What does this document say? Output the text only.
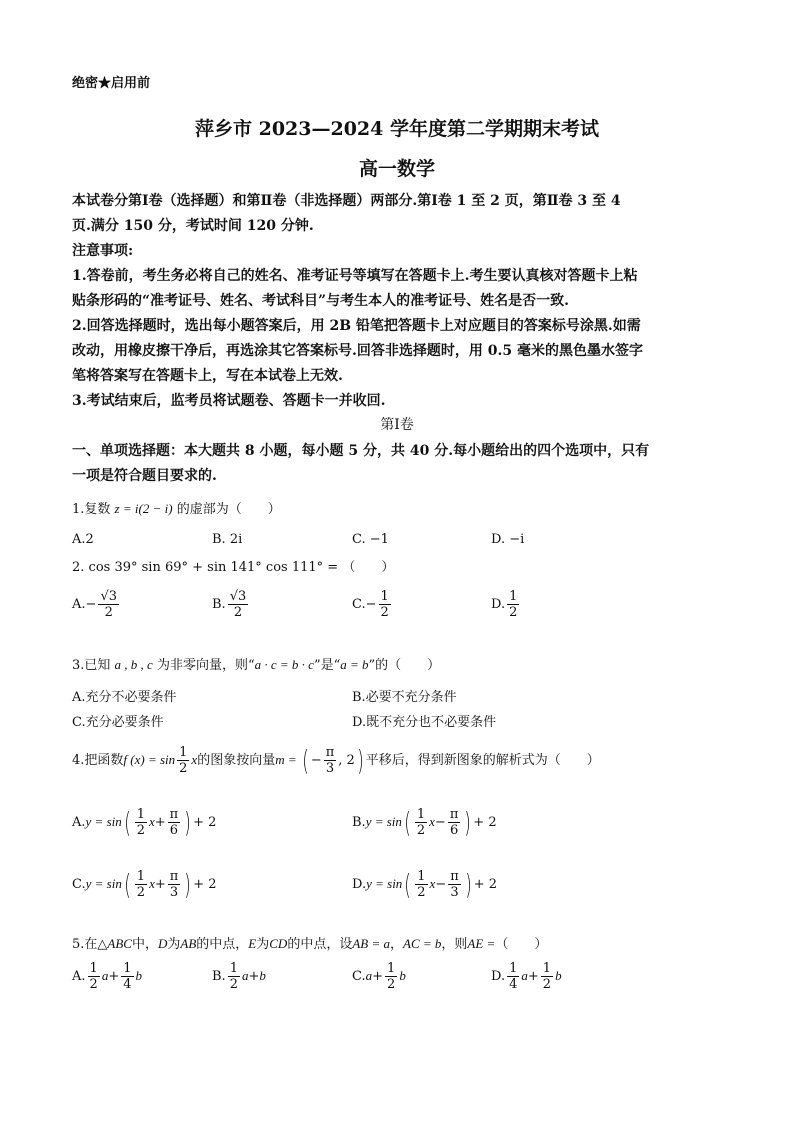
绝密★启用前
萍乡市 2023—2024 学年度第二学期期末考试
高一数学
本试卷分第Ⅰ卷（选择题）和第Ⅱ卷（非选择题）两部分.第Ⅰ卷 1 至 2 页，第Ⅱ卷 3 至 4
页.满分 150 分，考试时间 120 分钟.
注意事项:
1.答卷前，考生务必将自己的姓名、准考证号等填写在答题卡上.考生要认真核对答题卡上粘
贴条形码的“准考证号、姓名、考试科目”与考生本人的准考证号、姓名是否一致.
2.回答选择题时，选出每小题答案后，用 2B 铅笔把答题卡上对应题目的答案标号涂黑.如需
改动，用橡皮擦干净后，再选涂其它答案标号.回答非选择题时，用 0.5 毫米的黑色墨水签字
笔将答案写在答题卡上，写在本试卷上无效.
3.考试结束后，监考员将试题卷、答题卡一并收回.
第Ⅰ卷
一、单项选择题：本大题共 8 小题，每小题 5 分，共 40 分.每小题给出的四个选项中，只有
一项是符合题目要求的.
1.复数 z = i(2 − i) 的虚部为（　　）
A.2	B. 2i	C. −1	D. −i
2. cos 39° sin 69° + sin 141° cos 111° = （　　）
$A.- \frac{√3}{2}$	B. $\frac{√3}{2}$	$C.- \frac{1}{2}$	D. $\frac{1}{2}$
3.已知 a , b , c 为非零向量，则“a · c = b · c”是“a = b”的（　　）
A.充分不必要条件	B.必要不充分条件
C.充分必要条件	D.既不充分也不必要条件
4.把函数f $(x) = \sin \frac{1}{2}$ x的图象按向量m = ( − $\frac{\pi}{3}$ , 2) 平移后，得到新图象的解析式为（　　）
$A.y = \sin( \frac{1}{2} x+ \frac{\pi}{6}$ ) + 2	$B.y = \sin( \frac{1}{2} x- \frac{\pi}{6}$ ) + 2
$C.y = \sin( \frac{1}{2} x+ \frac{\pi}{3}$ ) + 2	$D.y = \sin( \frac{1}{2} x- \frac{\pi}{3}$ ) + 2
5.在△ABC中，D为AB的中点，E为CD的中点，设AB = a，AC = b，则AE =（　　）
A. $\frac{1}{2} a+ \frac{1}{4}$ b	B. $\frac{1}{2} a+b$	$C.a+ \frac{1}{2}$ b	D. $\frac{1}{4} a+ \frac{1}{2}$ b
